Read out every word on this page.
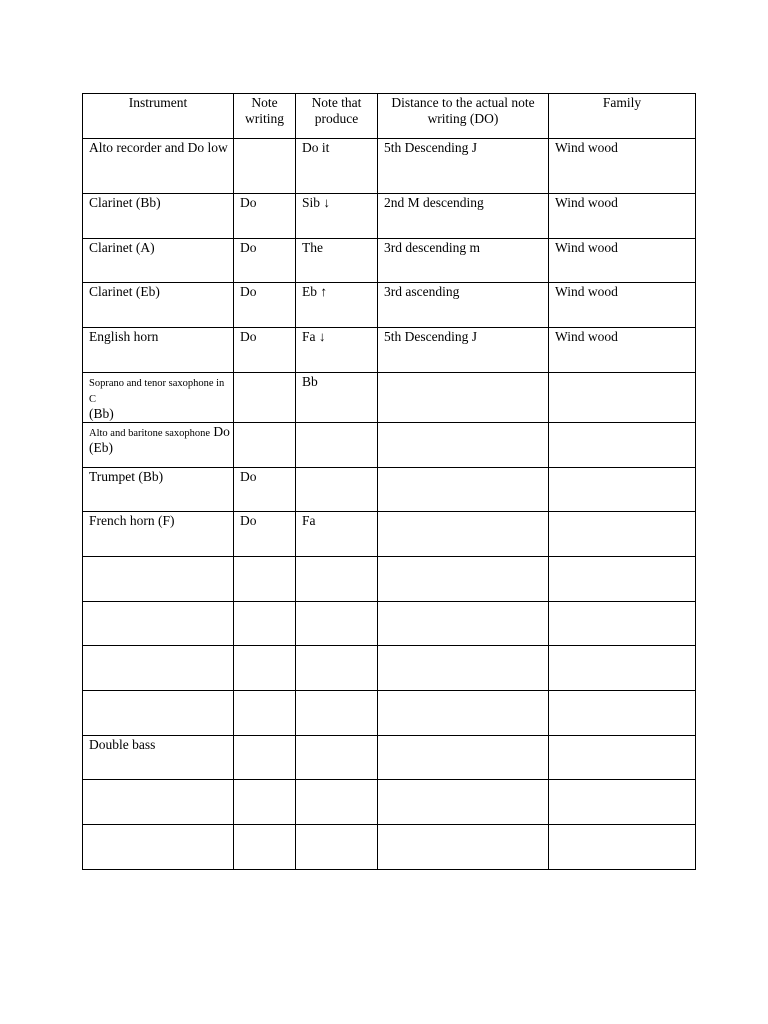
Instrument	Note writing	Note that produce	Distance to the actual note writing (DO)	Family
Alto recorder and Do low		Do it	5th Descending J	Wind wood
Clarinet (Bb)	Do	Sib ↓	2nd M descending	Wind wood
Clarinet (A)	Do	The	3rd descending m	Wind wood
Clarinet (Eb)	Do	Eb ↑	3rd ascending	Wind wood
English horn	Do	Fa ↓	5th Descending J	Wind wood
Soprano and tenor saxophone in C
(Bb)		Bb		
Alto and baritone saxophone Do
(Eb)				
Trumpet (Bb)	Do			
French horn (F)	Do	Fa		

Double bass				
